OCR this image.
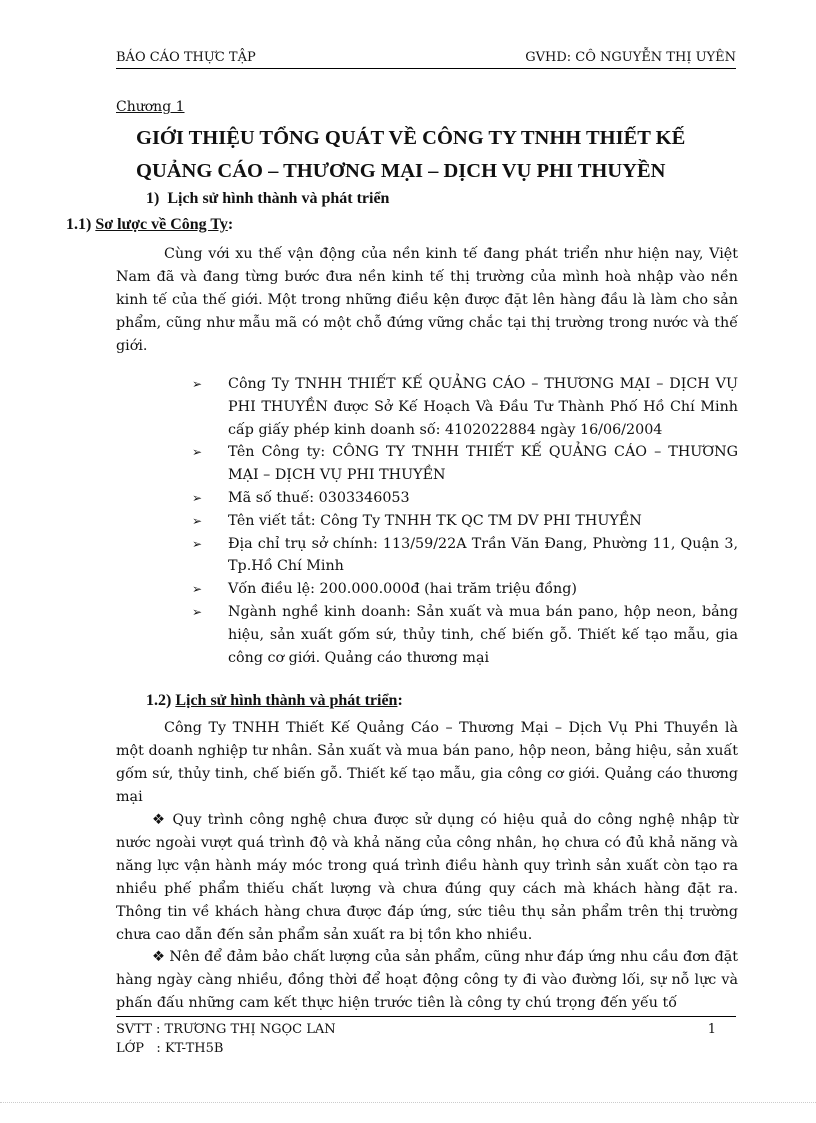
BÁO CÁO THỰC TẬP	GVHD: CÔ NGUYỄN THỊ UYÊN
Chương 1
GIỚI THIỆU TỔNG QUÁT VỀ CÔNG TY TNHH THIẾT KẾ
QUẢNG CÁO – THƯƠNG MẠI – DỊCH VỤ PHI THUYỀN
1) Lịch sử hình thành và phát triển
1.1) Sơ lược về Công Ty:
Cùng với xu thế vận động của nền kinh tế đang phát triển như hiện nay, Việt Nam đã và đang từng bước đưa nền kinh tế thị trường của mình hoà nhập vào nền kinh tế của thế giới. Một trong những điều kện được đặt lên hàng đầu là làm cho sản phẩm, cũng như mẫu mã có một chỗ đứng vững chắc tại thị trường trong nước và thế giới.
➢ Công Ty TNHH THIẾT KẾ QUẢNG CÁO – THƯƠNG MẠI – DỊCH VỤ PHI THUYỀN được Sở Kế Hoạch Và Đầu Tư Thành Phố Hồ Chí Minh cấp giấy phép kinh doanh số: 4102022884 ngày 16/06/2004
➢ Tên Công ty: CÔNG TY TNHH THIẾT KẾ QUẢNG CÁO – THƯƠNG MẠI – DỊCH VỤ PHI THUYỀN
➢ Mã số thuế: 0303346053
➢ Tên viết tắt: Công Ty TNHH TK QC TM DV PHI THUYỀN
➢ Địa chỉ trụ sở chính: 113/59/22A Trần Văn Đang, Phường 11, Quận 3, Tp.Hồ Chí Minh
➢ Vốn điều lệ: 200.000.000đ (hai trăm triệu đồng)
➢ Ngành nghề kinh doanh: Sản xuất và mua bán pano, hộp neon, bảng hiệu, sản xuất gốm sứ, thủy tinh, chế biến gỗ. Thiết kế tạo mẫu, gia công cơ giới. Quảng cáo thương mại
1.2) Lịch sử hình thành và phát triển:
Công Ty TNHH Thiết Kế Quảng Cáo – Thương Mại – Dịch Vụ Phi Thuyền là một doanh nghiệp tư nhân. Sản xuất và mua bán pano, hộp neon, bảng hiệu, sản xuất gốm sứ, thủy tinh, chế biến gỗ. Thiết kế tạo mẫu, gia công cơ giới. Quảng cáo thương mại
❖ Quy trình công nghệ chưa được sử dụng có hiệu quả do công nghệ nhập từ nước ngoài vượt quá trình độ và khả năng của công nhân, họ chưa có đủ khả năng và năng lực vận hành máy móc trong quá trình điều hành quy trình sản xuất còn tạo ra nhiều phế phẩm thiếu chất lượng và chưa đúng quy cách mà khách hàng đặt ra. Thông tin về khách hàng chưa được đáp ứng, sức tiêu thụ sản phẩm trên thị trường chưa cao dẫn đến sản phẩm sản xuất ra bị tồn kho nhiều.
❖ Nên để đảm bảo chất lượng của sản phẩm, cũng như đáp ứng nhu cầu đơn đặt hàng ngày càng nhiều, đồng thời để hoạt động công ty đi vào đường lối, sự nỗ lực và phấn đấu những cam kết thực hiện trước tiên là công ty chú trọng đến yếu tố
SVTT : TRƯƠNG THỊ NGỌC LAN	1
LỚP   : KT-TH5B
